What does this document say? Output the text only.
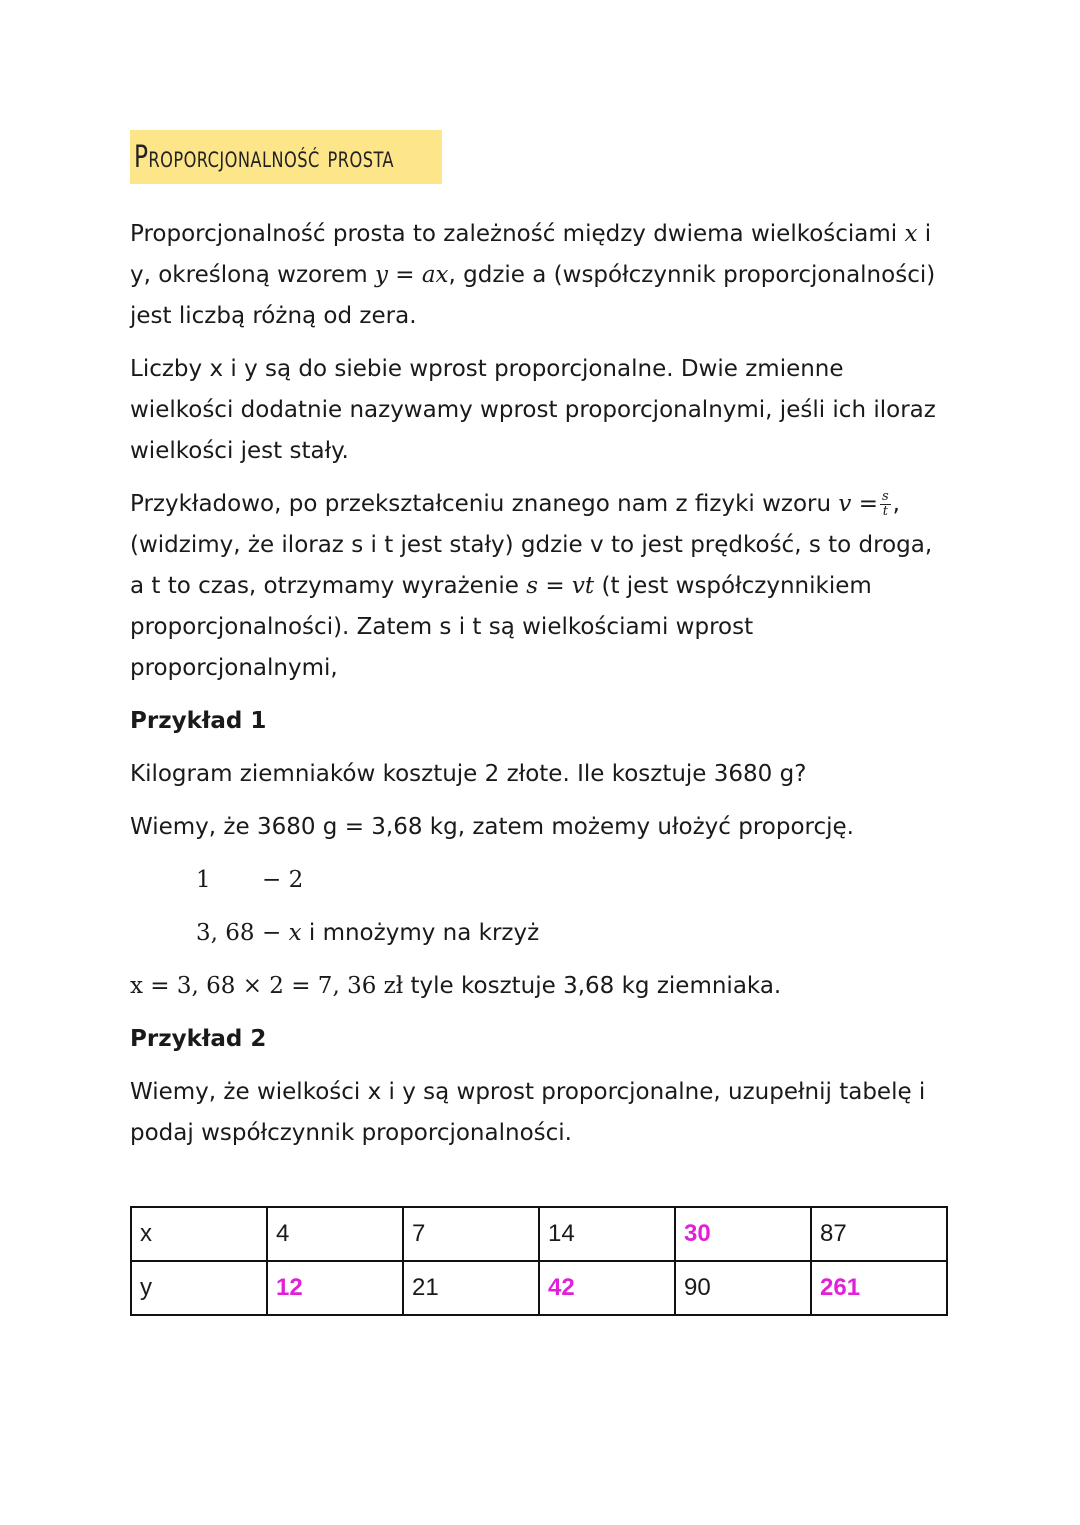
Proporcjonalność prosta

Proporcjonalność prosta to zależność między dwiema wielkościami x i y, określoną wzorem y = ax, gdzie a (współczynnik proporcjonalności) jest liczbą różną od zera.

Liczby x i y są do siebie wprost proporcjonalne. Dwie zmienne wielkości dodatnie nazywamy wprost proporcjonalnymi, jeśli ich iloraz wielkości jest stały.

Przykładowo, po przekształceniu znanego nam z fizyki wzoru $v = \frac{s}{t}$ , (widzimy, że iloraz s i t jest stały) gdzie v to jest prędkość, s to droga, a t to czas, otrzymamy wyrażenie s = vt (t jest współczynnikiem proporcjonalności). Zatem s i t są wielkościami wprost proporcjonalnymi,

Przykład 1

Kilogram ziemniaków kosztuje 2 złote. Ile kosztuje 3680 g?

Wiemy, że 3680 g = 3,68 kg, zatem możemy ułożyć proporcję.

1 − 2
3, 68 − x i mnożymy na krzyż

x = 3, 68 × 2 = 7, 36 zł tyle kosztuje 3,68 kg ziemniaka.

Przykład 2

Wiemy, że wielkości x i y są wprost proporcjonalne, uzupełnij tabelę i podaj współczynnik proporcjonalności.

x	4	7	14	30	87
y	12	21	42	90	261
